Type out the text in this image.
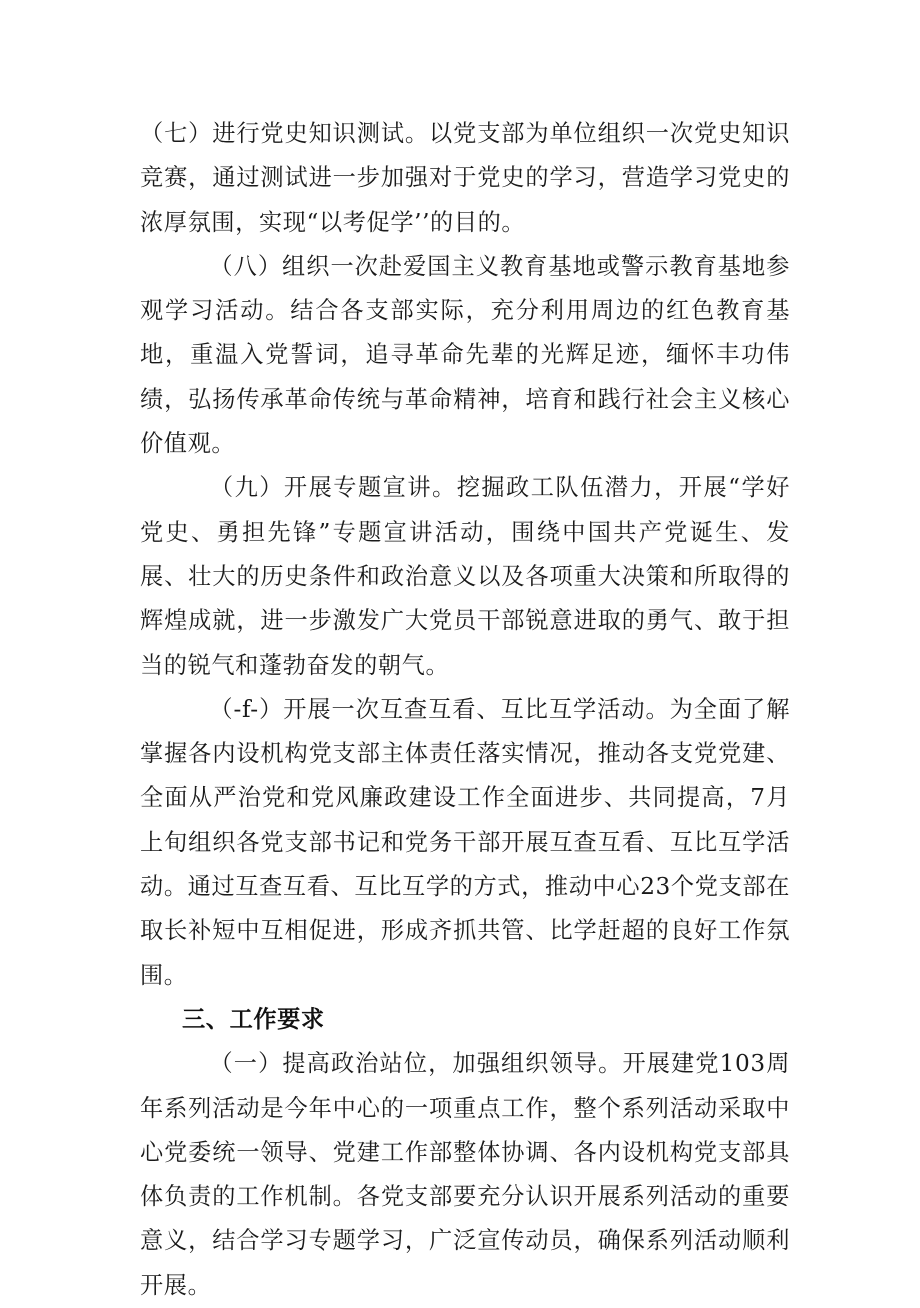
（七）进行党史知识测试。以党支部为单位组织一次党史知识竞赛，通过测试进一步加强对于党史的学习，营造学习党史的浓厚氛围，实现“以考促学’’的目的。

（八）组织一次赴爱国主义教育基地或警示教育基地参观学习活动。结合各支部实际，充分利用周边的红色教育基地，重温入党誓词，追寻革命先辈的光辉足迹，缅怀丰功伟绩，弘扬传承革命传统与革命精神，培育和践行社会主义核心价值观。

（九）开展专题宣讲。挖掘政工队伍潜力，开展“学好党史、勇担先锋”专题宣讲活动，围绕中国共产党诞生、发展、壮大的历史条件和政治意义以及各项重大决策和所取得的辉煌成就，进一步激发广大党员干部锐意进取的勇气、敢于担当的锐气和蓬勃奋发的朝气。

（-f-）开展一次互查互看、互比互学活动。为全面了解掌握各内设机构党支部主体责任落实情况，推动各支党党建、全面从严治党和党风廉政建设工作全面进步、共同提高，7月上旬组织各党支部书记和党务干部开展互查互看、互比互学活动。通过互查互看、互比互学的方式，推动中心23个党支部在取长补短中互相促进，形成齐抓共管、比学赶超的良好工作氛围。

三、工作要求

（一）提高政治站位，加强组织领导。开展建党103周年系列活动是今年中心的一项重点工作，整个系列活动采取中心党委统一领导、党建工作部整体协调、各内设机构党支部具体负责的工作机制。各党支部要充分认识开展系列活动的重要意义，结合学习专题学习，广泛宣传动员，确保系列活动顺利开展。
